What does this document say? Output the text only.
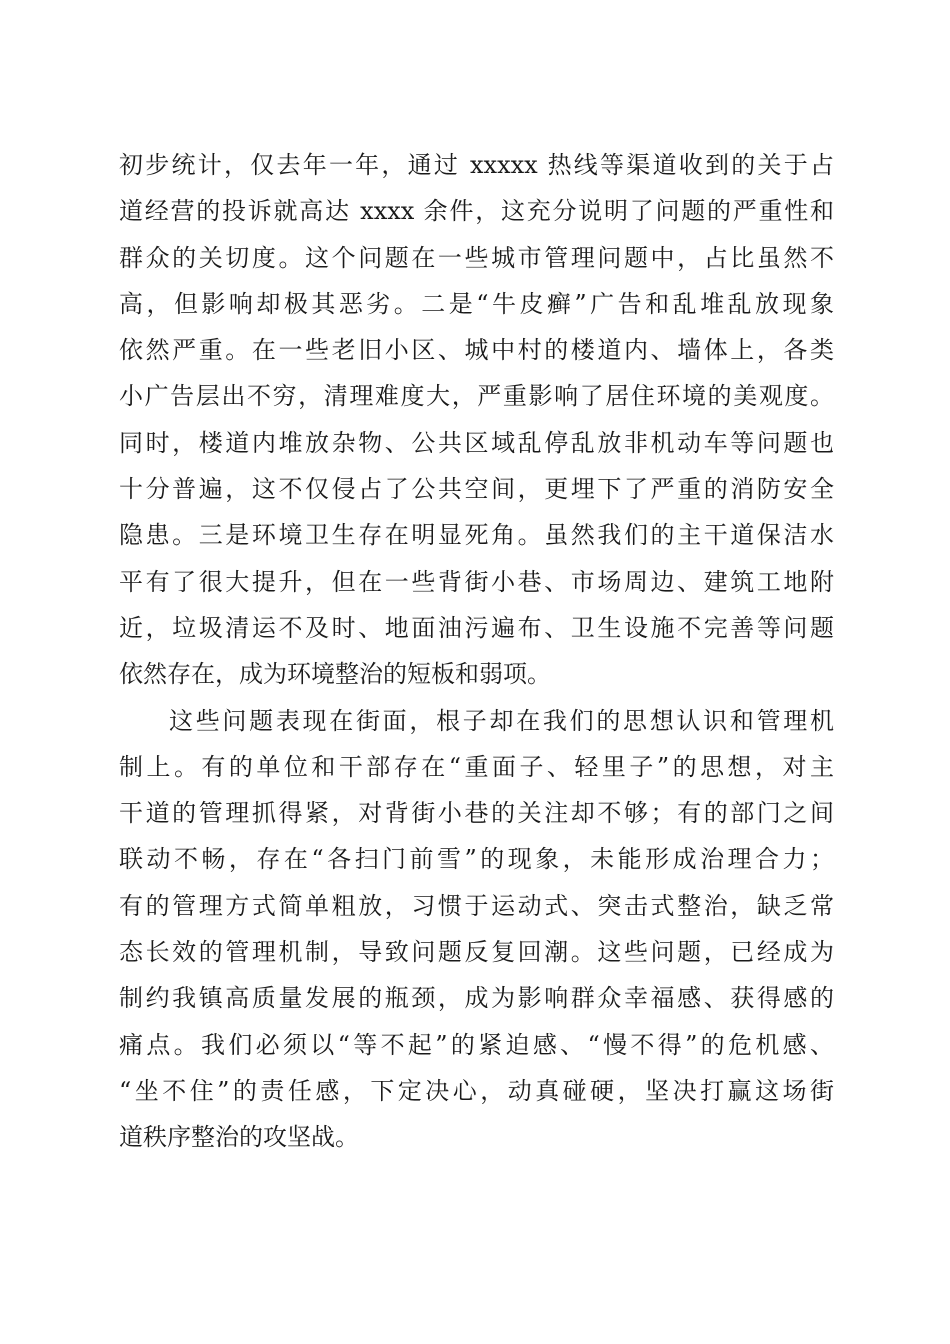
初步统计，仅去年一年，通过 xxxxx 热线等渠道收到的关于占
道经营的投诉就高达 xxxx 余件，这充分说明了问题的严重性和
群众的关切度。这个问题在一些城市管理问题中，占比虽然不
高，但影响却极其恶劣。二是“牛皮癣”广告和乱堆乱放现象
依然严重。在一些老旧小区、城中村的楼道内、墙体上，各类
小广告层出不穷，清理难度大，严重影响了居住环境的美观度。
同时，楼道内堆放杂物、公共区域乱停乱放非机动车等问题也
十分普遍，这不仅侵占了公共空间，更埋下了严重的消防安全
隐患。三是环境卫生存在明显死角。虽然我们的主干道保洁水
平有了很大提升，但在一些背街小巷、市场周边、建筑工地附
近，垃圾清运不及时、地面油污遍布、卫生设施不完善等问题
依然存在，成为环境整治的短板和弱项。
这些问题表现在街面，根子却在我们的思想认识和管理机
制上。有的单位和干部存在“重面子、轻里子”的思想，对主
干道的管理抓得紧，对背街小巷的关注却不够；有的部门之间
联动不畅，存在“各扫门前雪”的现象，未能形成治理合力；
有的管理方式简单粗放，习惯于运动式、突击式整治，缺乏常
态长效的管理机制，导致问题反复回潮。这些问题，已经成为
制约我镇高质量发展的瓶颈，成为影响群众幸福感、获得感的
痛点。我们必须以“等不起”的紧迫感、“慢不得”的危机感、
“坐不住”的责任感，下定决心，动真碰硬，坚决打赢这场街
道秩序整治的攻坚战。
